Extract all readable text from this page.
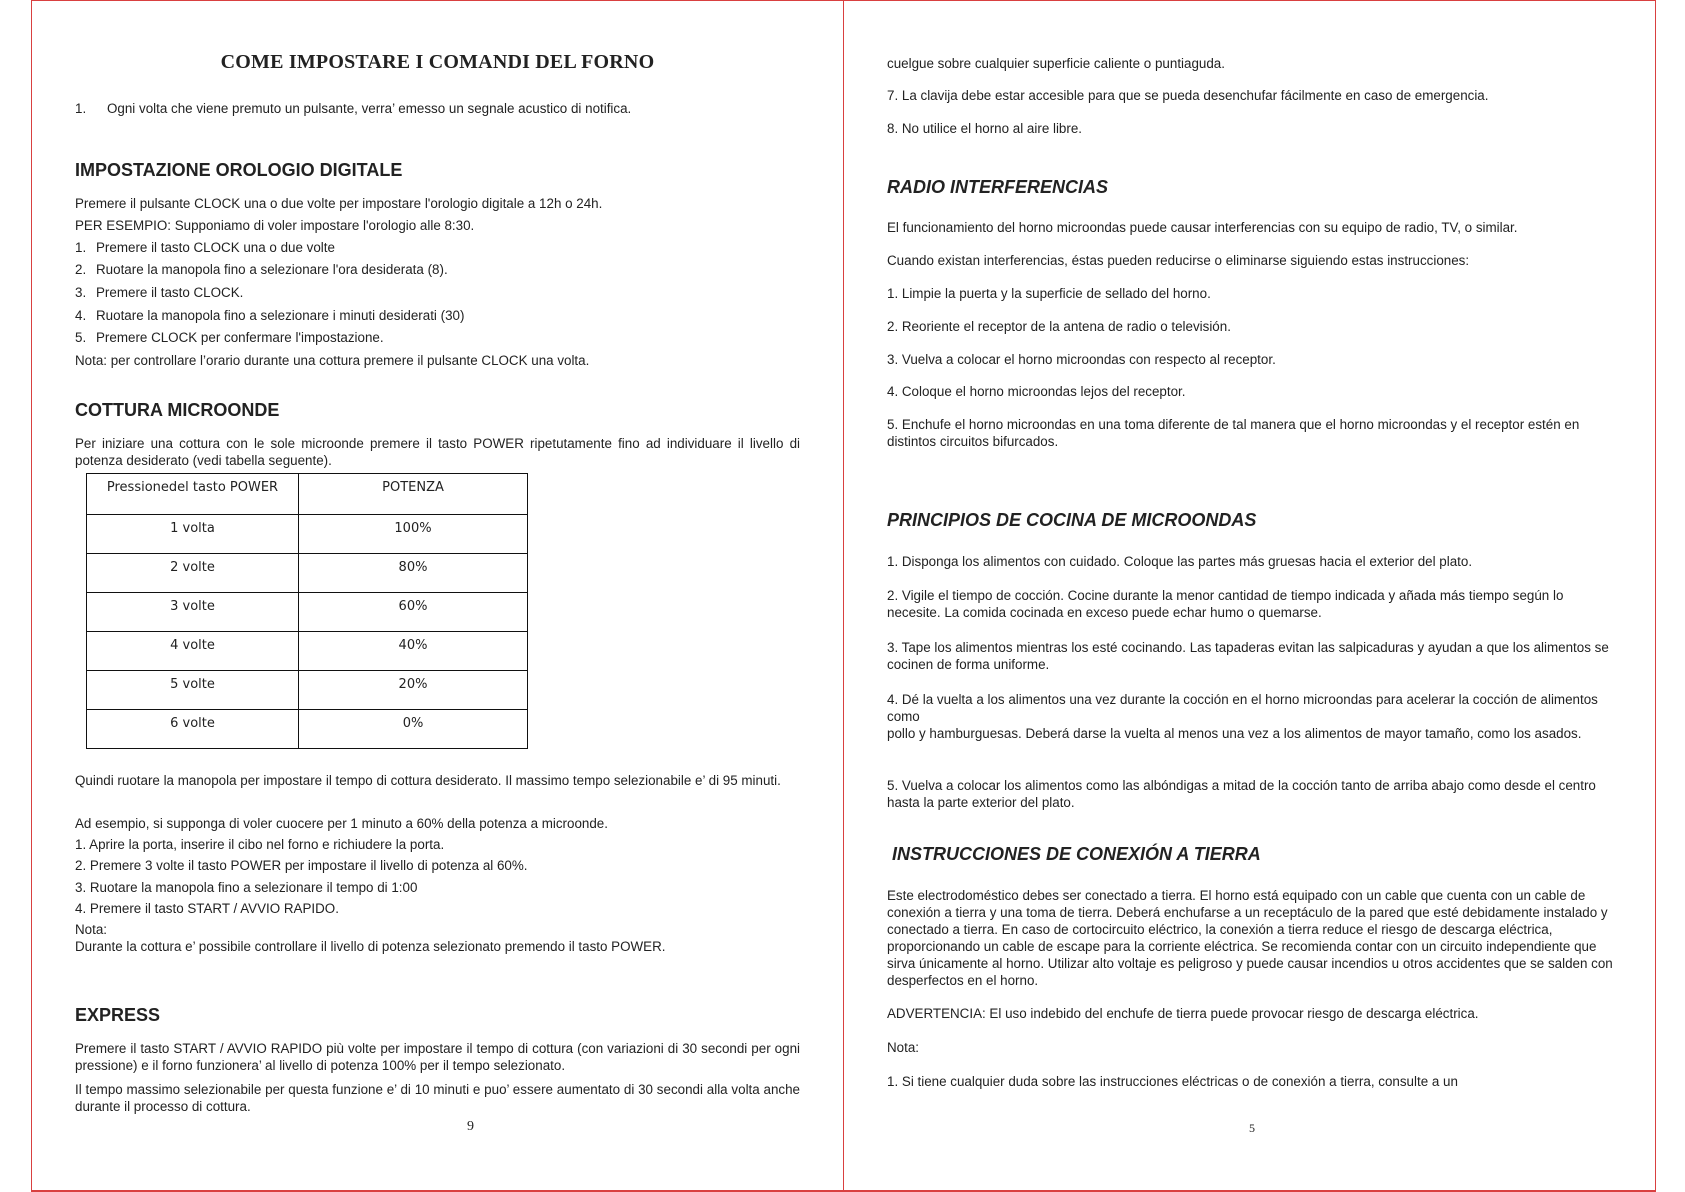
COME IMPOSTARE I COMANDI DEL FORNO
1. Ogni volta che viene premuto un pulsante, verra’ emesso un segnale acustico di notifica.
IMPOSTAZIONE OROLOGIO DIGITALE
Premere il pulsante CLOCK una o due volte per impostare l'orologio digitale a 12h o 24h.
PER ESEMPIO: Supponiamo di voler impostare l'orologio alle 8:30.
1. Premere il tasto CLOCK una o due volte
2. Ruotare la manopola fino a selezionare l'ora desiderata (8).
3. Premere il tasto CLOCK.
4. Ruotare la manopola fino a selezionare i minuti desiderati (30)
5. Premere CLOCK per confermare l'impostazione.
Nota: per controllare l’orario durante una cottura premere il pulsante CLOCK una volta.
COTTURA MICROONDE
Per iniziare una cottura con le sole microonde premere il tasto POWER ripetutamente fino ad individuare il livello di potenza desiderato (vedi tabella seguente).
Pressionedel tasto POWER	POTENZA
1 volta	100%
2 volte	80%
3 volte	60%
4 volte	40%
5 volte	20%
6 volte	0%
Quindi ruotare la manopola per impostare il tempo di cottura desiderato. Il massimo tempo selezionabile e’ di 95 minuti.
Ad esempio, si supponga di voler cuocere per 1 minuto a 60% della potenza a microonde.
1. Aprire la porta, inserire il cibo nel forno e richiudere la porta.
2. Premere 3 volte il tasto POWER per impostare il livello di potenza al 60%.
3. Ruotare la manopola fino a selezionare il tempo di 1:00
4. Premere il tasto START / AVVIO RAPIDO.
Nota:
Durante la cottura e’ possibile controllare il livello di potenza selezionato premendo il tasto POWER.
EXPRESS
Premere il tasto START / AVVIO RAPIDO più volte per impostare il tempo di cottura (con variazioni di 30 secondi per ogni pressione) e il forno funzionera’ al livello di potenza 100% per il tempo selezionato.
Il tempo massimo selezionabile per questa funzione e’ di 10 minuti e puo’ essere aumentato di 30 secondi alla volta anche durante il processo di cottura.
9
cuelgue sobre cualquier superficie caliente o puntiaguda.
7. La clavija debe estar accesible para que se pueda desenchufar fácilmente en caso de emergencia.
8. No utilice el horno al aire libre.
RADIO INTERFERENCIAS
El funcionamiento del horno microondas puede causar interferencias con su equipo de radio, TV, o similar.
Cuando existan interferencias, éstas pueden reducirse o eliminarse siguiendo estas instrucciones:
1. Limpie la puerta y la superficie de sellado del horno.
2. Reoriente el receptor de la antena de radio o televisión.
3. Vuelva a colocar el horno microondas con respecto al receptor.
4. Coloque el horno microondas lejos del receptor.
5. Enchufe el horno microondas en una toma diferente de tal manera que el horno microondas y el receptor estén en distintos circuitos bifurcados.
PRINCIPIOS DE COCINA DE MICROONDAS
1. Disponga los alimentos con cuidado. Coloque las partes más gruesas hacia el exterior del plato.
2. Vigile el tiempo de cocción. Cocine durante la menor cantidad de tiempo indicada y añada más tiempo según lo necesite. La comida cocinada en exceso puede echar humo o quemarse.
3. Tape los alimentos mientras los esté cocinando. Las tapaderas evitan las salpicaduras y ayudan a que los alimentos se cocinen de forma uniforme.
4. Dé la vuelta a los alimentos una vez durante la cocción en el horno microondas para acelerar la cocción de alimentos como
pollo y hamburguesas. Deberá darse la vuelta al menos una vez a los alimentos de mayor tamaño, como los asados.
5. Vuelva a colocar los alimentos como las albóndigas a mitad de la cocción tanto de arriba abajo como desde el centro hasta la parte exterior del plato.
INSTRUCCIONES DE CONEXIÓN A TIERRA
Este electrodoméstico debes ser conectado a tierra. El horno está equipado con un cable que cuenta con un cable de conexión a tierra y una toma de tierra. Deberá enchufarse a un receptáculo de la pared que esté debidamente instalado y conectado a tierra. En caso de cortocircuito eléctrico, la conexión a tierra reduce el riesgo de descarga eléctrica, proporcionando un cable de escape para la corriente eléctrica. Se recomienda contar con un circuito independiente que sirva únicamente al horno. Utilizar alto voltaje es peligroso y puede causar incendios u otros accidentes que se salden con desperfectos en el horno.
ADVERTENCIA: El uso indebido del enchufe de tierra puede provocar riesgo de descarga eléctrica.
Nota:
1. Si tiene cualquier duda sobre las instrucciones eléctricas o de conexión a tierra, consulte a un
5
